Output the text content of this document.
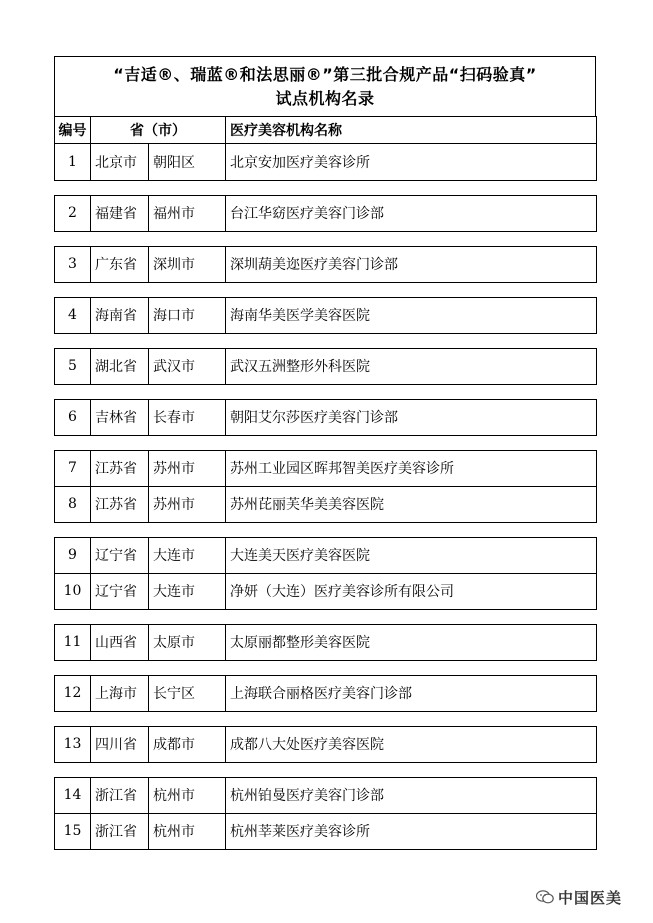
“吉适®、瑞蓝®和法思丽®”第三批合规产品“扫码验真”
试点机构名录
编号	省（市）	医疗美容机构名称
1	北京市	朝阳区	北京安加医疗美容诊所
2	福建省	福州市	台江华窈医疗美容门诊部
3	广东省	深圳市	深圳葫美迩医疗美容门诊部
4	海南省	海口市	海南华美医学美容医院
5	湖北省	武汉市	武汉五洲整形外科医院
6	吉林省	长春市	朝阳艾尔莎医疗美容门诊部
7	江苏省	苏州市	苏州工业园区晖邦智美医疗美容诊所
8	江苏省	苏州市	苏州芘丽芙华美美容医院
9	辽宁省	大连市	大连美天医疗美容医院
10	辽宁省	大连市	净妍（大连）医疗美容诊所有限公司
11	山西省	太原市	太原丽都整形美容医院
12	上海市	长宁区	上海联合丽格医疗美容门诊部
13	四川省	成都市	成都八大处医疗美容医院
14	浙江省	杭州市	杭州铂曼医疗美容门诊部
15	浙江省	杭州市	杭州莘莱医疗美容诊所
中国医美
